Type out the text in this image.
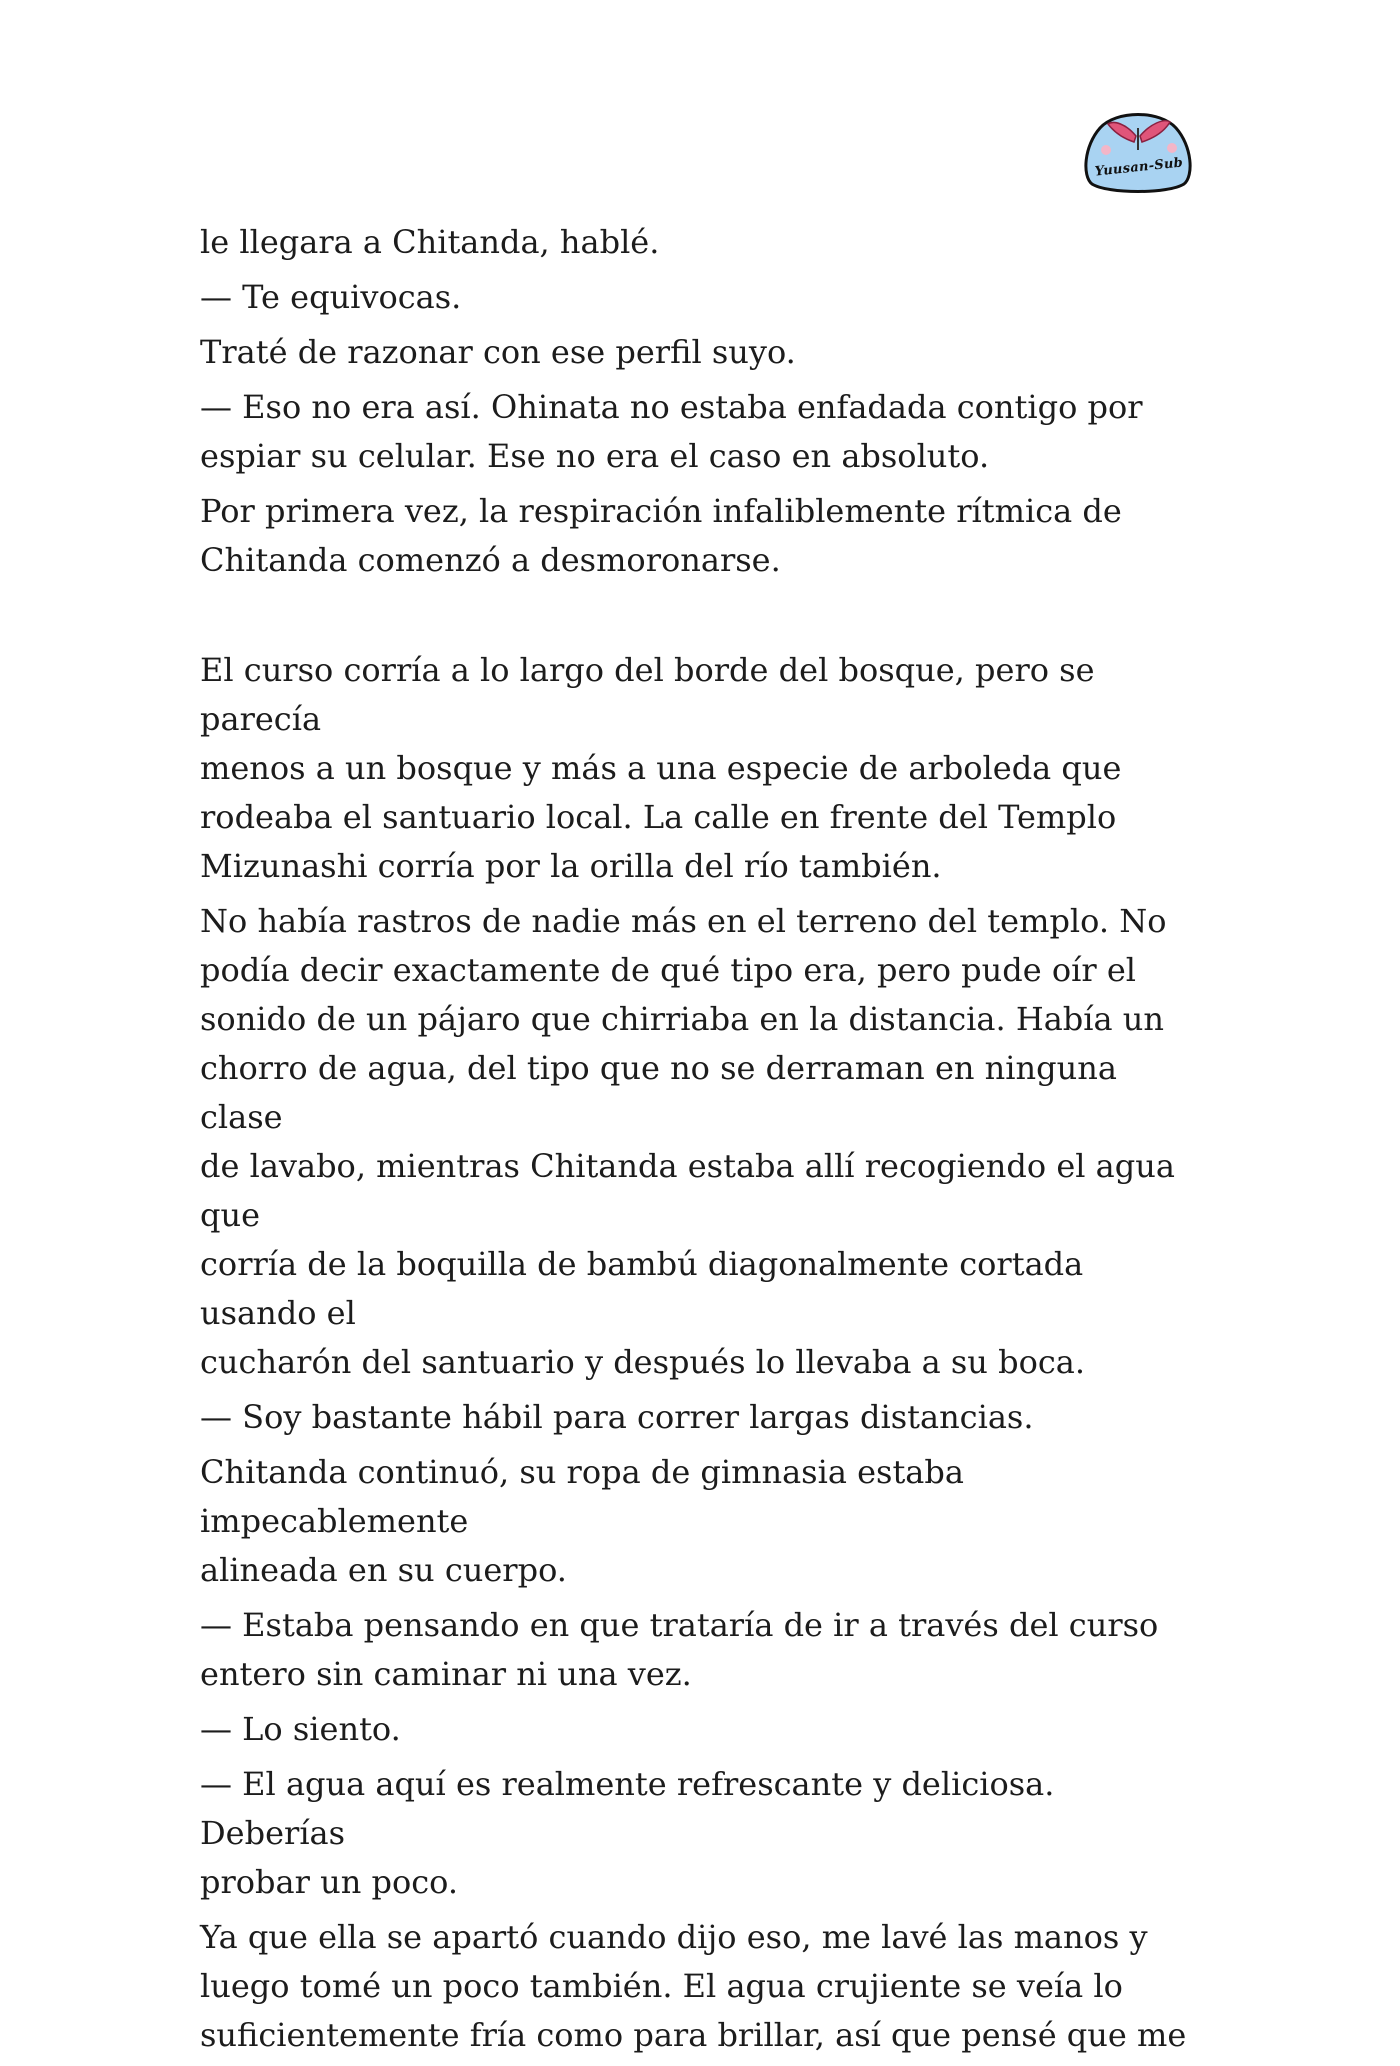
Yuusan-Sub

le llegara a Chitanda, hablé.

— Te equivocas.

Traté de razonar con ese perfil suyo.

— Eso no era así. Ohinata no estaba enfadada contigo por
espiar su celular. Ese no era el caso en absoluto.

Por primera vez, la respiración infaliblemente rítmica de
Chitanda comenzó a desmoronarse.

El curso corría a lo largo del borde del bosque, pero se parecía
menos a un bosque y más a una especie de arboleda que
rodeaba el santuario local. La calle en frente del Templo
Mizunashi corría por la orilla del río también.

No había rastros de nadie más en el terreno del templo. No
podía decir exactamente de qué tipo era, pero pude oír el
sonido de un pájaro que chirriaba en la distancia. Había un
chorro de agua, del tipo que no se derraman en ninguna clase
de lavabo, mientras Chitanda estaba allí recogiendo el agua que
corría de la boquilla de bambú diagonalmente cortada usando el
cucharón del santuario y después lo llevaba a su boca.

— Soy bastante hábil para correr largas distancias.

Chitanda continuó, su ropa de gimnasia estaba impecablemente
alineada en su cuerpo.

— Estaba pensando en que trataría de ir a través del curso
entero sin caminar ni una vez.

— Lo siento.

— El agua aquí es realmente refrescante y deliciosa. Deberías
probar un poco.

Ya que ella se apartó cuando dijo eso, me lavé las manos y
luego tomé un poco también. El agua crujiente se veía lo
suficientemente fría como para brillar, así que pensé que me
